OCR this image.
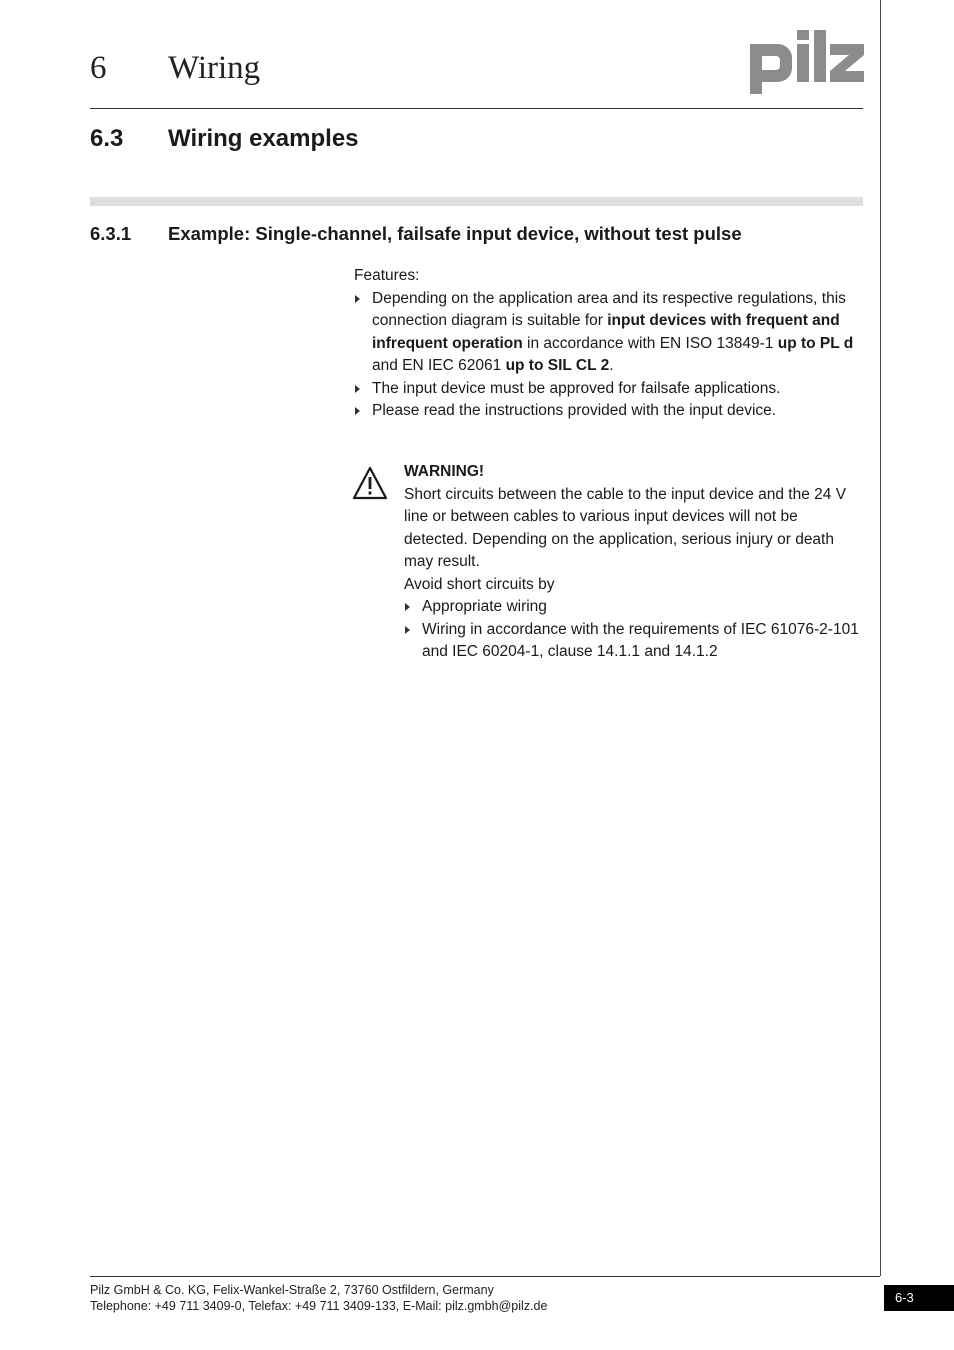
6 Wiring
6.3 Wiring examples
6.3.1 Example: Single-channel, failsafe input device, without test pulse

Features:

Depending on the application area and its respective regulations, this connection diagram is suitable for input devices with frequent and infrequent operation in accordance with EN ISO 13849-1 up to PL d and EN IEC 62061 up to SIL CL 2.
The input device must be approved for failsafe applications.
Please read the instructions provided with the input device.

WARNING!

Short circuits between the cable to the input device and the 24 V line or between cables to various input devices will not be detected. Depending on the application, serious injury or death may result.

Avoid short circuits by

Appropriate wiring
Wiring in accordance with the requirements of IEC 61076-2-101 and IEC 60204-1, clause 14.1.1 and 14.1.2
Pilz GmbH & Co. KG, Felix-Wankel-Straße 2, 73760 Ostfildern, Germany
Telephone: +49 711 3409-0, Telefax: +49 711 3409-133, E-Mail: pilz.gmbh@pilz.de
6-3
